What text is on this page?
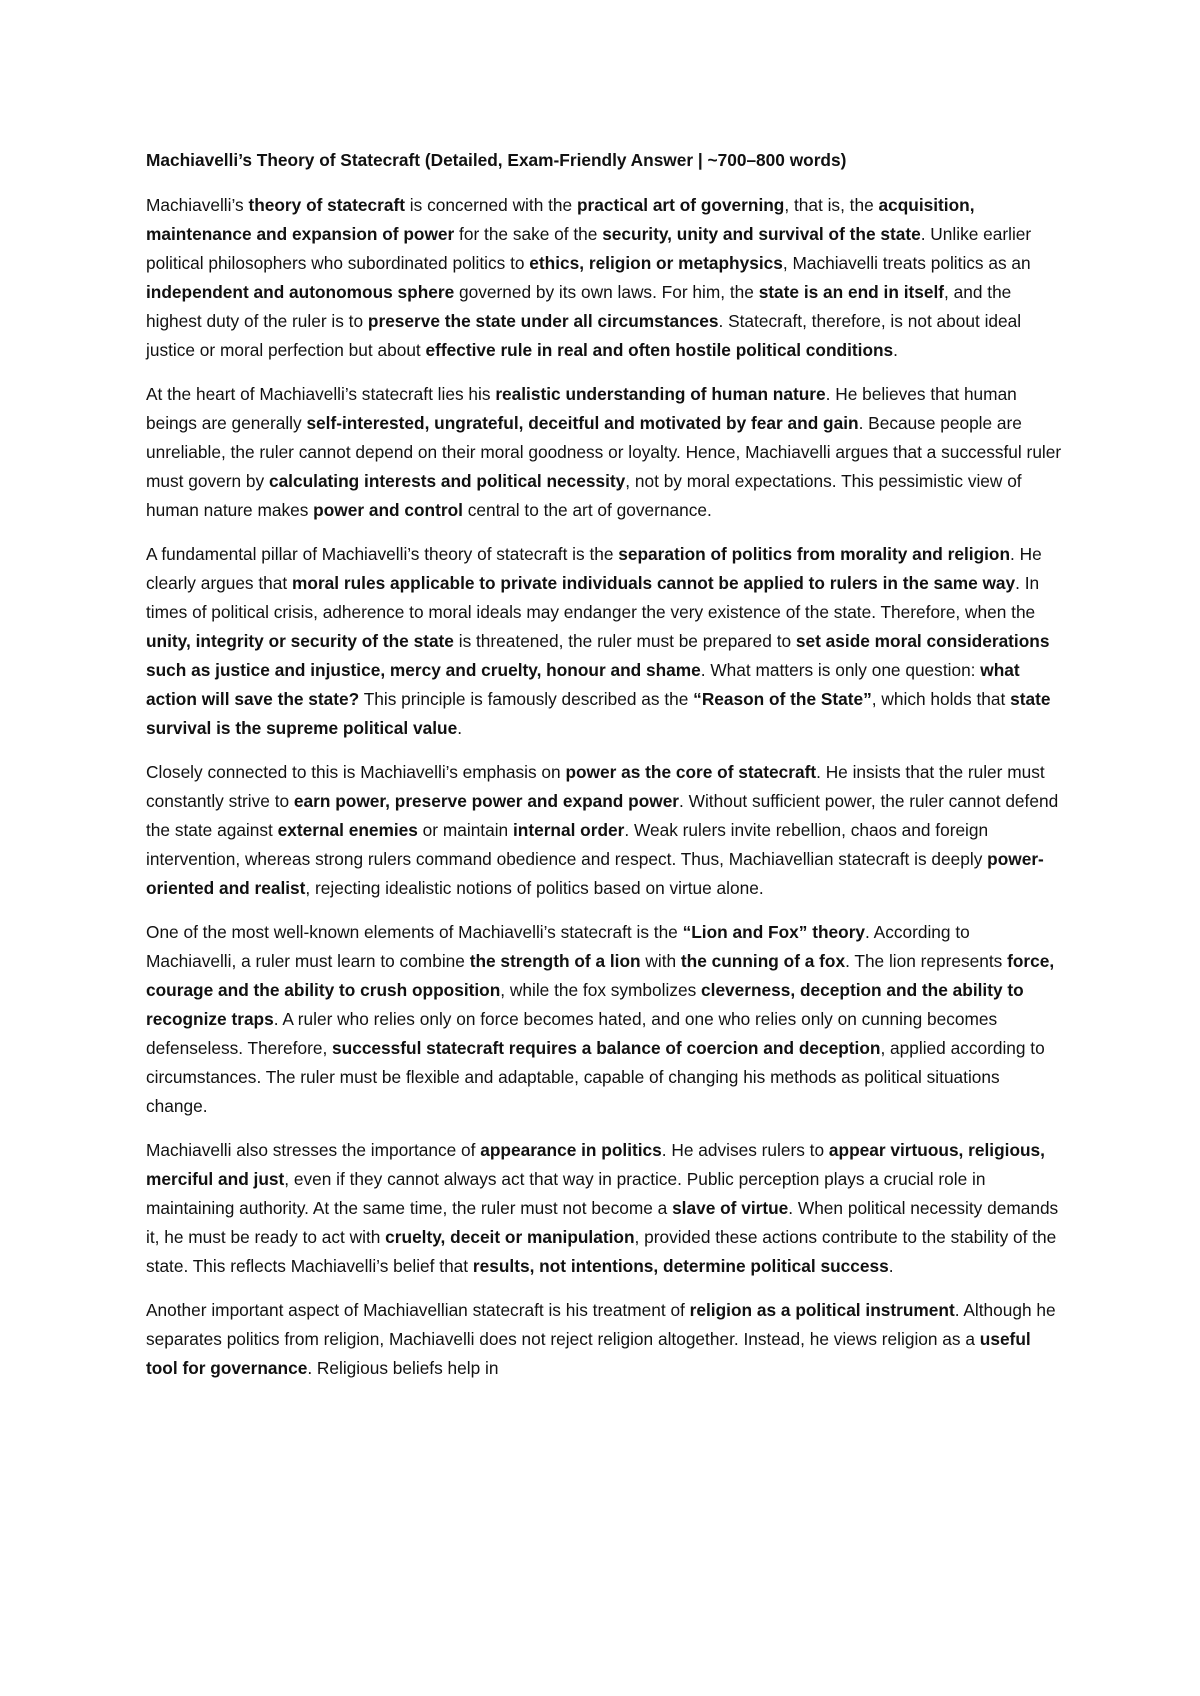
Machiavelli’s Theory of Statecraft (Detailed, Exam-Friendly Answer | ~700–800 words)

Machiavelli’s theory of statecraft is concerned with the practical art of governing, that is, the acquisition, maintenance and expansion of power for the sake of the security, unity and survival of the state. Unlike earlier political philosophers who subordinated politics to ethics, religion or metaphysics, Machiavelli treats politics as an independent and autonomous sphere governed by its own laws. For him, the state is an end in itself, and the highest duty of the ruler is to preserve the state under all circumstances. Statecraft, therefore, is not about ideal justice or moral perfection but about effective rule in real and often hostile political conditions.

At the heart of Machiavelli’s statecraft lies his realistic understanding of human nature. He believes that human beings are generally self-interested, ungrateful, deceitful and motivated by fear and gain. Because people are unreliable, the ruler cannot depend on their moral goodness or loyalty. Hence, Machiavelli argues that a successful ruler must govern by calculating interests and political necessity, not by moral expectations. This pessimistic view of human nature makes power and control central to the art of governance.

A fundamental pillar of Machiavelli’s theory of statecraft is the separation of politics from morality and religion. He clearly argues that moral rules applicable to private individuals cannot be applied to rulers in the same way. In times of political crisis, adherence to moral ideals may endanger the very existence of the state. Therefore, when the unity, integrity or security of the state is threatened, the ruler must be prepared to set aside moral considerations such as justice and injustice, mercy and cruelty, honour and shame. What matters is only one question: what action will save the state? This principle is famously described as the “Reason of the State”, which holds that state survival is the supreme political value.

Closely connected to this is Machiavelli’s emphasis on power as the core of statecraft. He insists that the ruler must constantly strive to earn power, preserve power and expand power. Without sufficient power, the ruler cannot defend the state against external enemies or maintain internal order. Weak rulers invite rebellion, chaos and foreign intervention, whereas strong rulers command obedience and respect. Thus, Machiavellian statecraft is deeply power-oriented and realist, rejecting idealistic notions of politics based on virtue alone.

One of the most well-known elements of Machiavelli’s statecraft is the “Lion and Fox” theory. According to Machiavelli, a ruler must learn to combine the strength of a lion with the cunning of a fox. The lion represents force, courage and the ability to crush opposition, while the fox symbolizes cleverness, deception and the ability to recognize traps. A ruler who relies only on force becomes hated, and one who relies only on cunning becomes defenseless. Therefore, successful statecraft requires a balance of coercion and deception, applied according to circumstances. The ruler must be flexible and adaptable, capable of changing his methods as political situations change.

Machiavelli also stresses the importance of appearance in politics. He advises rulers to appear virtuous, religious, merciful and just, even if they cannot always act that way in practice. Public perception plays a crucial role in maintaining authority. At the same time, the ruler must not become a slave of virtue. When political necessity demands it, he must be ready to act with cruelty, deceit or manipulation, provided these actions contribute to the stability of the state. This reflects Machiavelli’s belief that results, not intentions, determine political success.

Another important aspect of Machiavellian statecraft is his treatment of religion as a political instrument. Although he separates politics from religion, Machiavelli does not reject religion altogether. Instead, he views religion as a useful tool for governance. Religious beliefs help in
